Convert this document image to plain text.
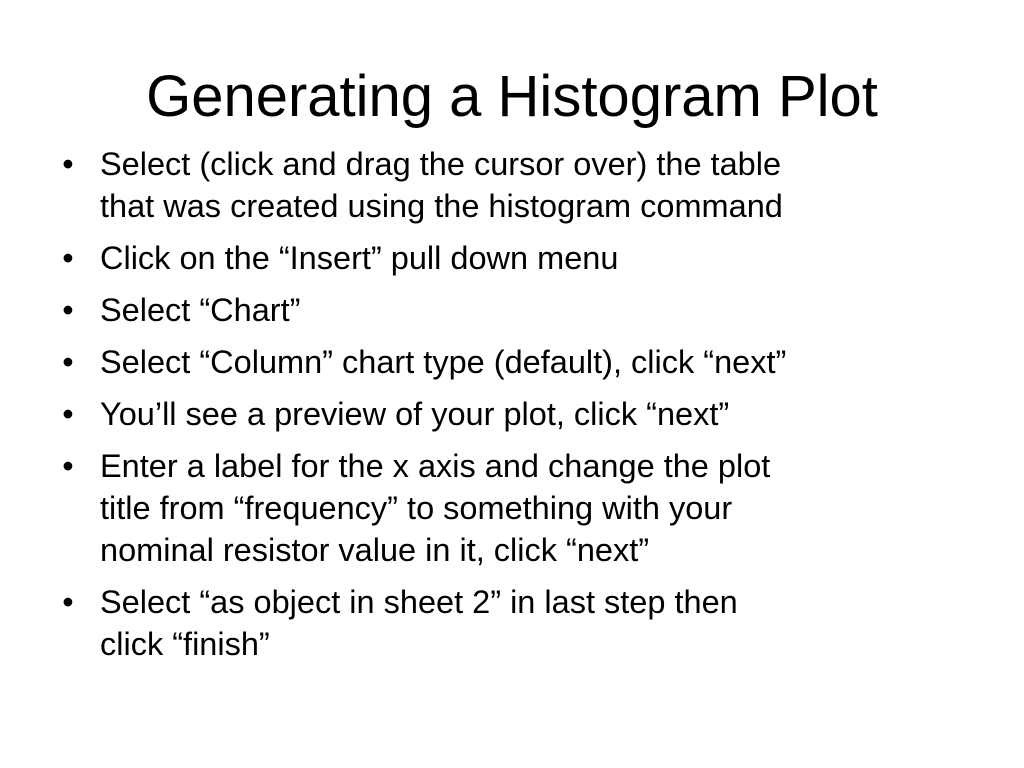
Generating a Histogram Plot
• Select (click and drag the cursor over) the table
that was created using the histogram command
• Click on the “Insert” pull down menu
• Select “Chart”
• Select “Column” chart type (default), click “next”
• You’ll see a preview of your plot, click “next”
• Enter a label for the x axis and change the plot
title from “frequency” to something with your
nominal resistor value in it, click “next”
• Select “as object in sheet 2” in last step then
click “finish”
